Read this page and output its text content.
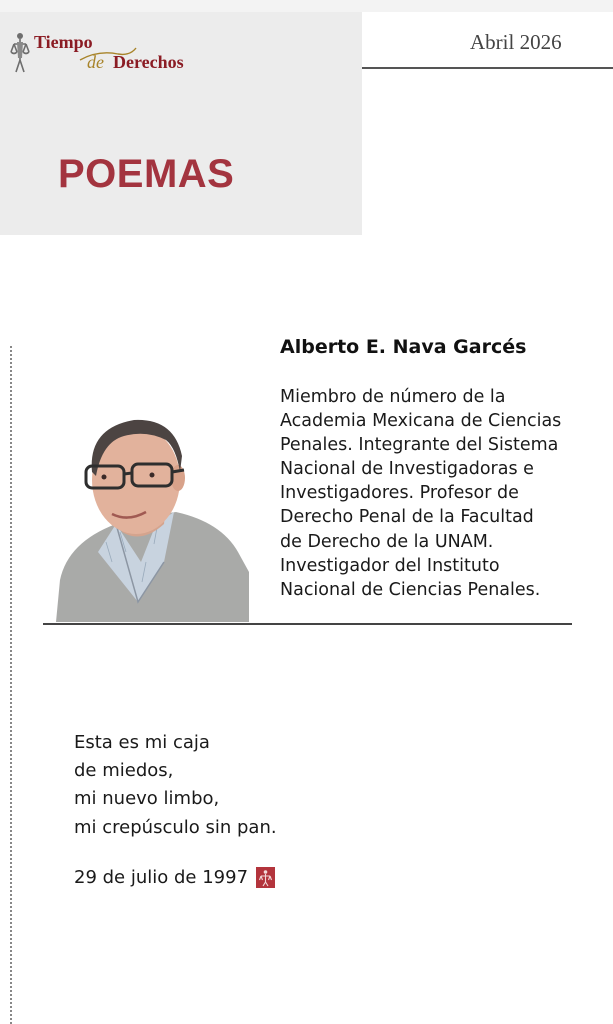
Tiempo
de Derechos
Abril 2026
POEMAS
Alberto E. Nava Garcés
Miembro de número de la
Academia Mexicana de Ciencias
Penales. Integrante del Sistema
Nacional de Investigadoras e
Investigadores. Profesor de
Derecho Penal de la Facultad
de Derecho de la UNAM.
Investigador del Instituto
Nacional de Ciencias Penales.
Esta es mi caja
de miedos,
mi nuevo limbo,
mi crepúsculo sin pan.
29 de julio de 1997
